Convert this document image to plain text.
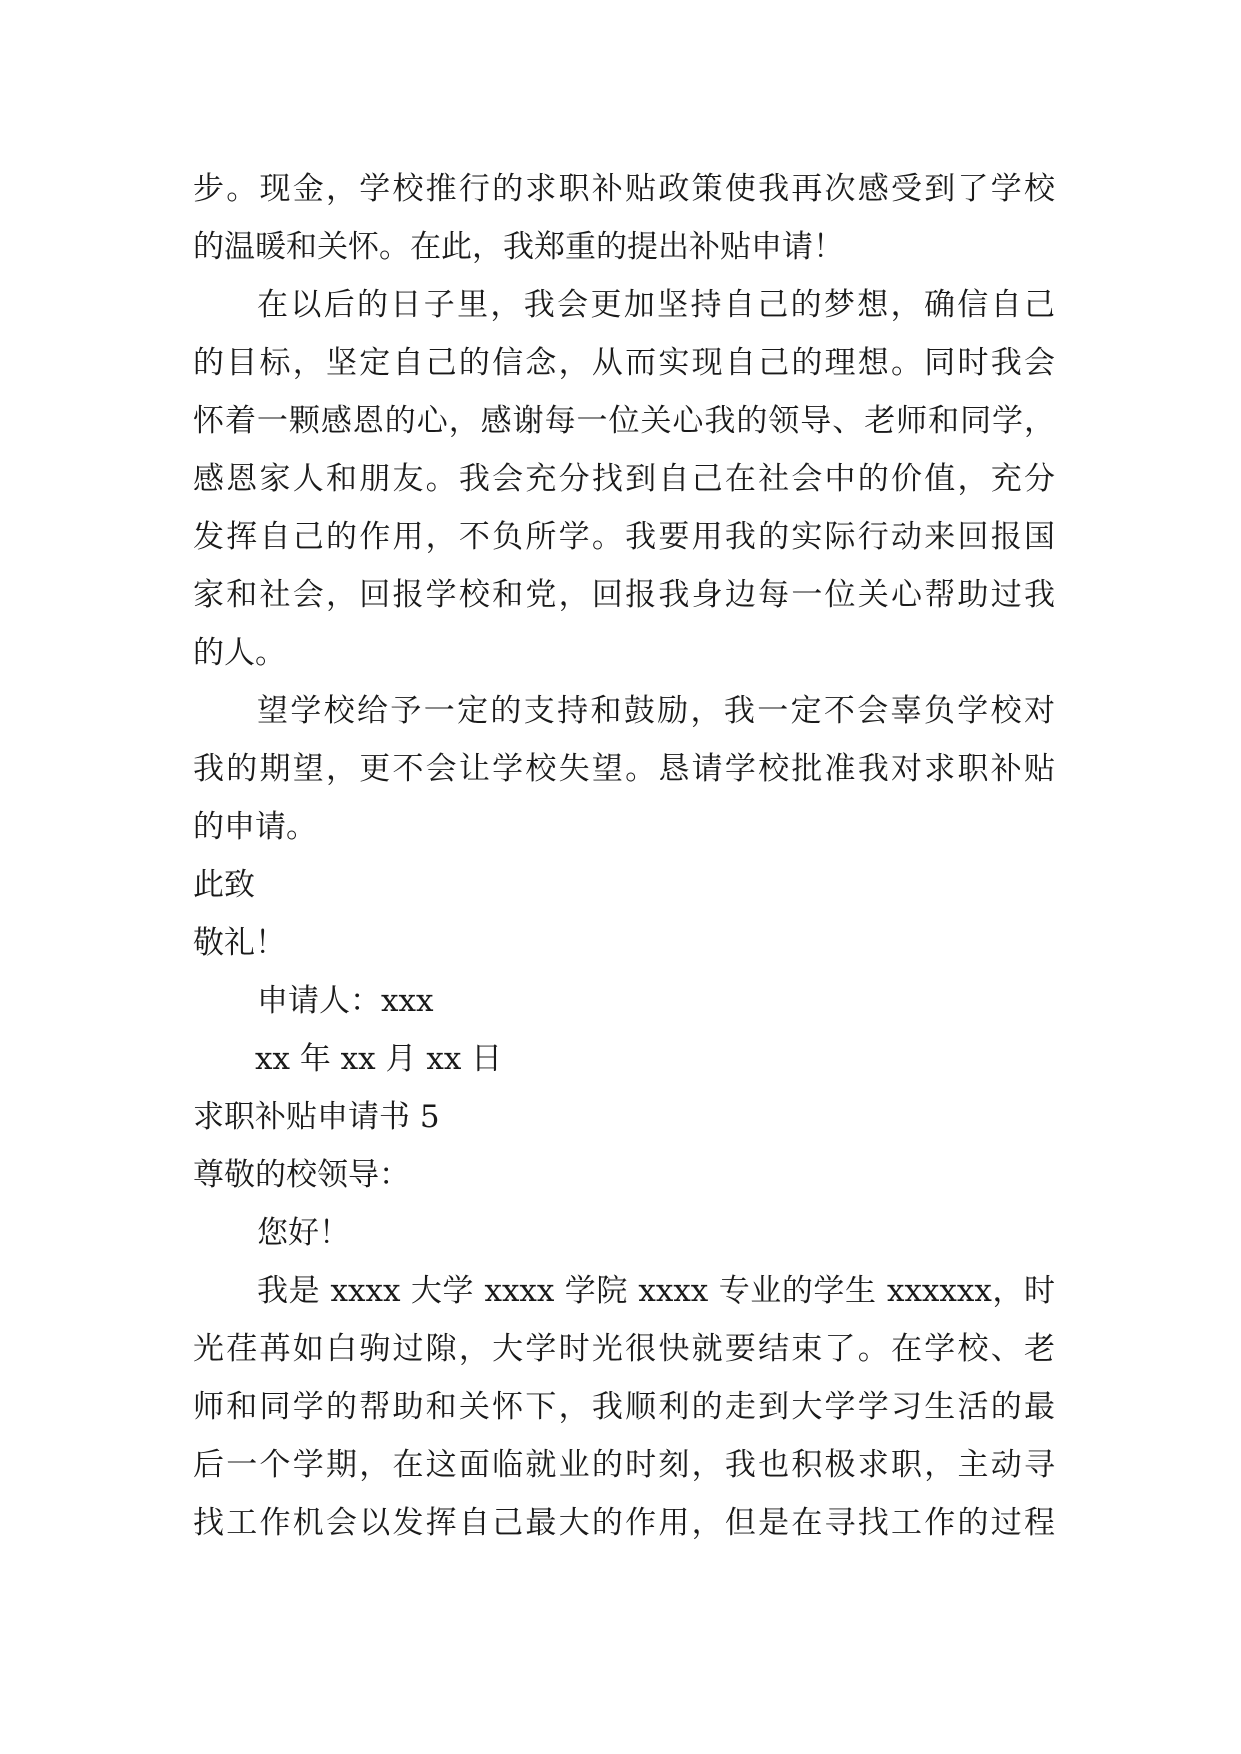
步。现金，学校推行的求职补贴政策使我再次感受到了学校
的温暖和关怀。在此，我郑重的提出补贴申请！
在以后的日子里，我会更加坚持自己的梦想，确信自己
的目标，坚定自己的信念，从而实现自己的理想。同时我会
怀着一颗感恩的心，感谢每一位关心我的领导、老师和同学，
感恩家人和朋友。我会充分找到自己在社会中的价值，充分
发挥自己的作用，不负所学。我要用我的实际行动来回报国
家和社会，回报学校和党，回报我身边每一位关心帮助过我
的人。
望学校给予一定的支持和鼓励，我一定不会辜负学校对
我的期望，更不会让学校失望。恳请学校批准我对求职补贴
的申请。
此致
敬礼！
申请人：xxx
xx 年 xx 月 xx 日
求职补贴申请书 5
尊敬的校领导：
您好！
我是 xxxx 大学 xxxx 学院 xxxx 专业的学生 xxxxxx，时
光荏苒如白驹过隙，大学时光很快就要结束了。在学校、老
师和同学的帮助和关怀下，我顺利的走到大学学习生活的最
后一个学期，在这面临就业的时刻，我也积极求职，主动寻
找工作机会以发挥自己最大的作用，但是在寻找工作的过程
